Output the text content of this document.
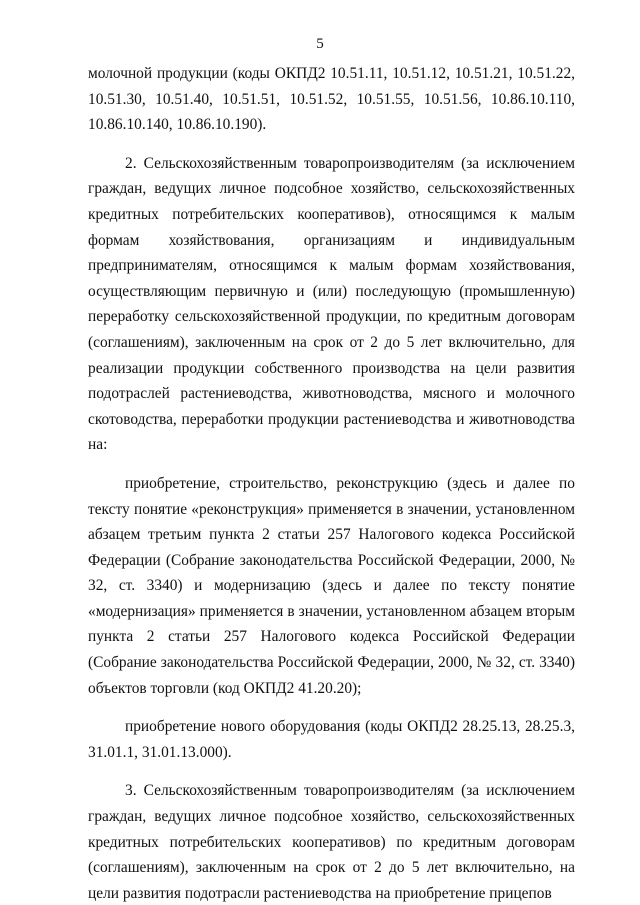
5

молочной продукции (коды ОКПД2 10.51.11, 10.51.12, 10.51.21, 10.51.22, 10.51.30, 10.51.40, 10.51.51, 10.51.52, 10.51.55, 10.51.56, 10.86.10.110, 10.86.10.140, 10.86.10.190).

2. Сельскохозяйственным товаропроизводителям (за исключением граждан, ведущих личное подсобное хозяйство, сельскохозяйственных кредитных потребительских кооперативов), относящимся к малым формам хозяйствования, организациям и индивидуальным предпринимателям, относящимся к малым формам хозяйствования, осуществляющим первичную и (или) последующую (промышленную) переработку сельскохозяйственной продукции, по кредитным договорам (соглашениям), заключенным на срок от 2 до 5 лет включительно, для реализации продукции собственного производства на цели развития подотраслей растениеводства, животноводства, мясного и молочного скотоводства, переработки продукции растениеводства и животноводства на:

приобретение, строительство, реконструкцию (здесь и далее по тексту понятие «реконструкция» применяется в значении, установленном абзацем третьим пункта 2 статьи 257 Налогового кодекса Российской Федерации (Собрание законодательства Российской Федерации, 2000, № 32, ст. 3340) и модернизацию (здесь и далее по тексту понятие «модернизация» применяется в значении, установленном абзацем вторым пункта 2 статьи 257 Налогового кодекса Российской Федерации (Собрание законодательства Российской Федерации, 2000, № 32, ст. 3340) объектов торговли (код ОКПД2 41.20.20);

приобретение нового оборудования (коды ОКПД2 28.25.13, 28.25.3, 31.01.1, 31.01.13.000).

3. Сельскохозяйственным товаропроизводителям (за исключением граждан, ведущих личное подсобное хозяйство, сельскохозяйственных кредитных потребительских кооперативов) по кредитным договорам (соглашениям), заключенным на срок от 2 до 5 лет включительно, на цели развития подотрасли растениеводства на приобретение прицепов
